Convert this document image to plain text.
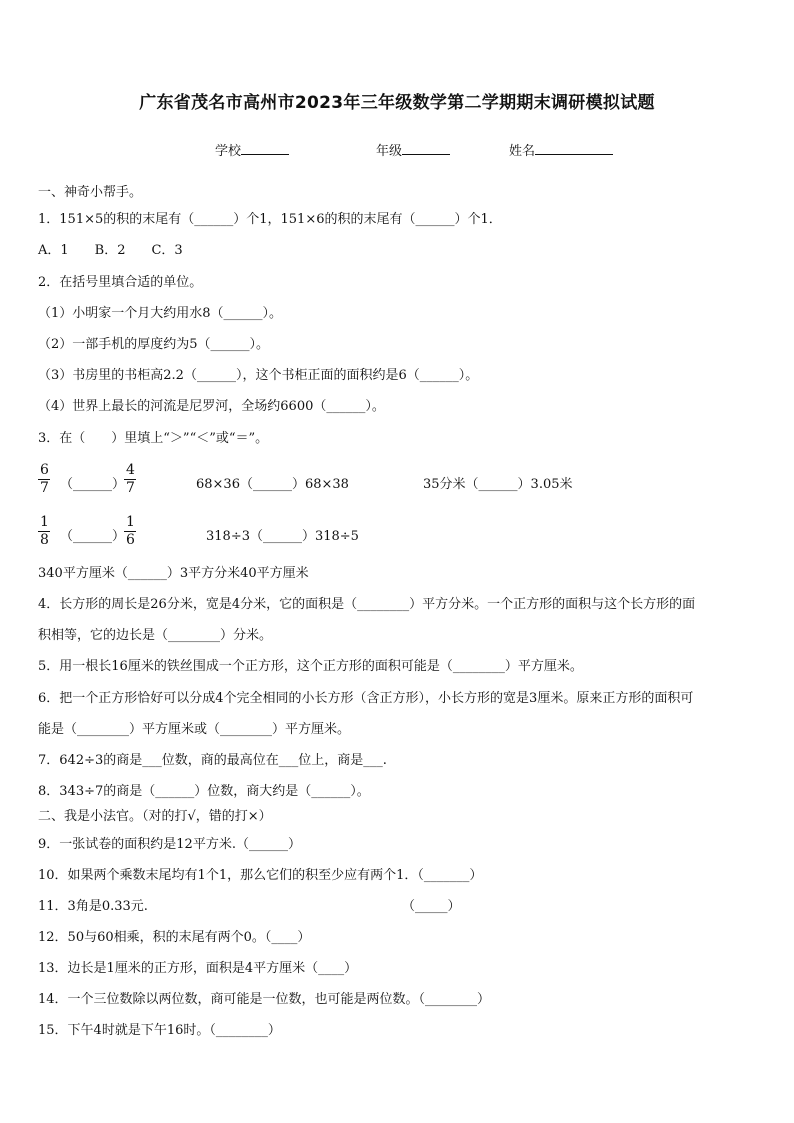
广东省茂名市高州市2023年三年级数学第二学期期末调研模拟试题
学校	年级	姓名
一、神奇小帮手。
1．151×5的积的末尾有（______）个1，151×6的积的末尾有（______）个1．
A．1　　B．2　　C．3
2．在括号里填合适的单位。
（1）小明家一个月大约用水8（______）。
（2）一部手机的厚度约为5（______）。
（3）书房里的书柜高2.2（______），这个书柜正面的面积约是6（______）。
（4）世界上最长的河流是尼罗河，全场约6600（______）。
3．在（　　）里填上“＞”“＜”或“＝”。
6
7 （______）
4
7	68×36（______）68×38	35分米（______）3.05米
1
8 （______）
1
6	318÷3（______）318÷5
340平方厘米（______）3平方分米40平方厘米
4．长方形的周长是26分米，宽是4分米，它的面积是（________）平方分米。一个正方形的面积与这个长方形的面
积相等，它的边长是（________）分米。
5．用一根长16厘米的铁丝围成一个正方形，这个正方形的面积可能是（________）平方厘米。
6．把一个正方形恰好可以分成4个完全相同的小长方形（含正方形），小长方形的宽是3厘米。原来正方形的面积可
能是（________）平方厘米或（________）平方厘米。
7．642÷3的商是___位数，商的最高位在___位上，商是___.
8．343÷7的商是（______）位数，商大约是（______）。
二、我是小法官。（对的打√，错的打×）
9．一张试卷的面积约是12平方米.（______）
10．如果两个乘数末尾均有1个1，那么它们的积至少应有两个1．（_______）
11．3角是0.33元.	（_____）
12．50与60相乘，积的末尾有两个0。（____）
13．边长是1厘米的正方形，面积是4平方厘米（____）
14．一个三位数除以两位数，商可能是一位数，也可能是两位数。（________）
15．下午4时就是下午16时。（________）
